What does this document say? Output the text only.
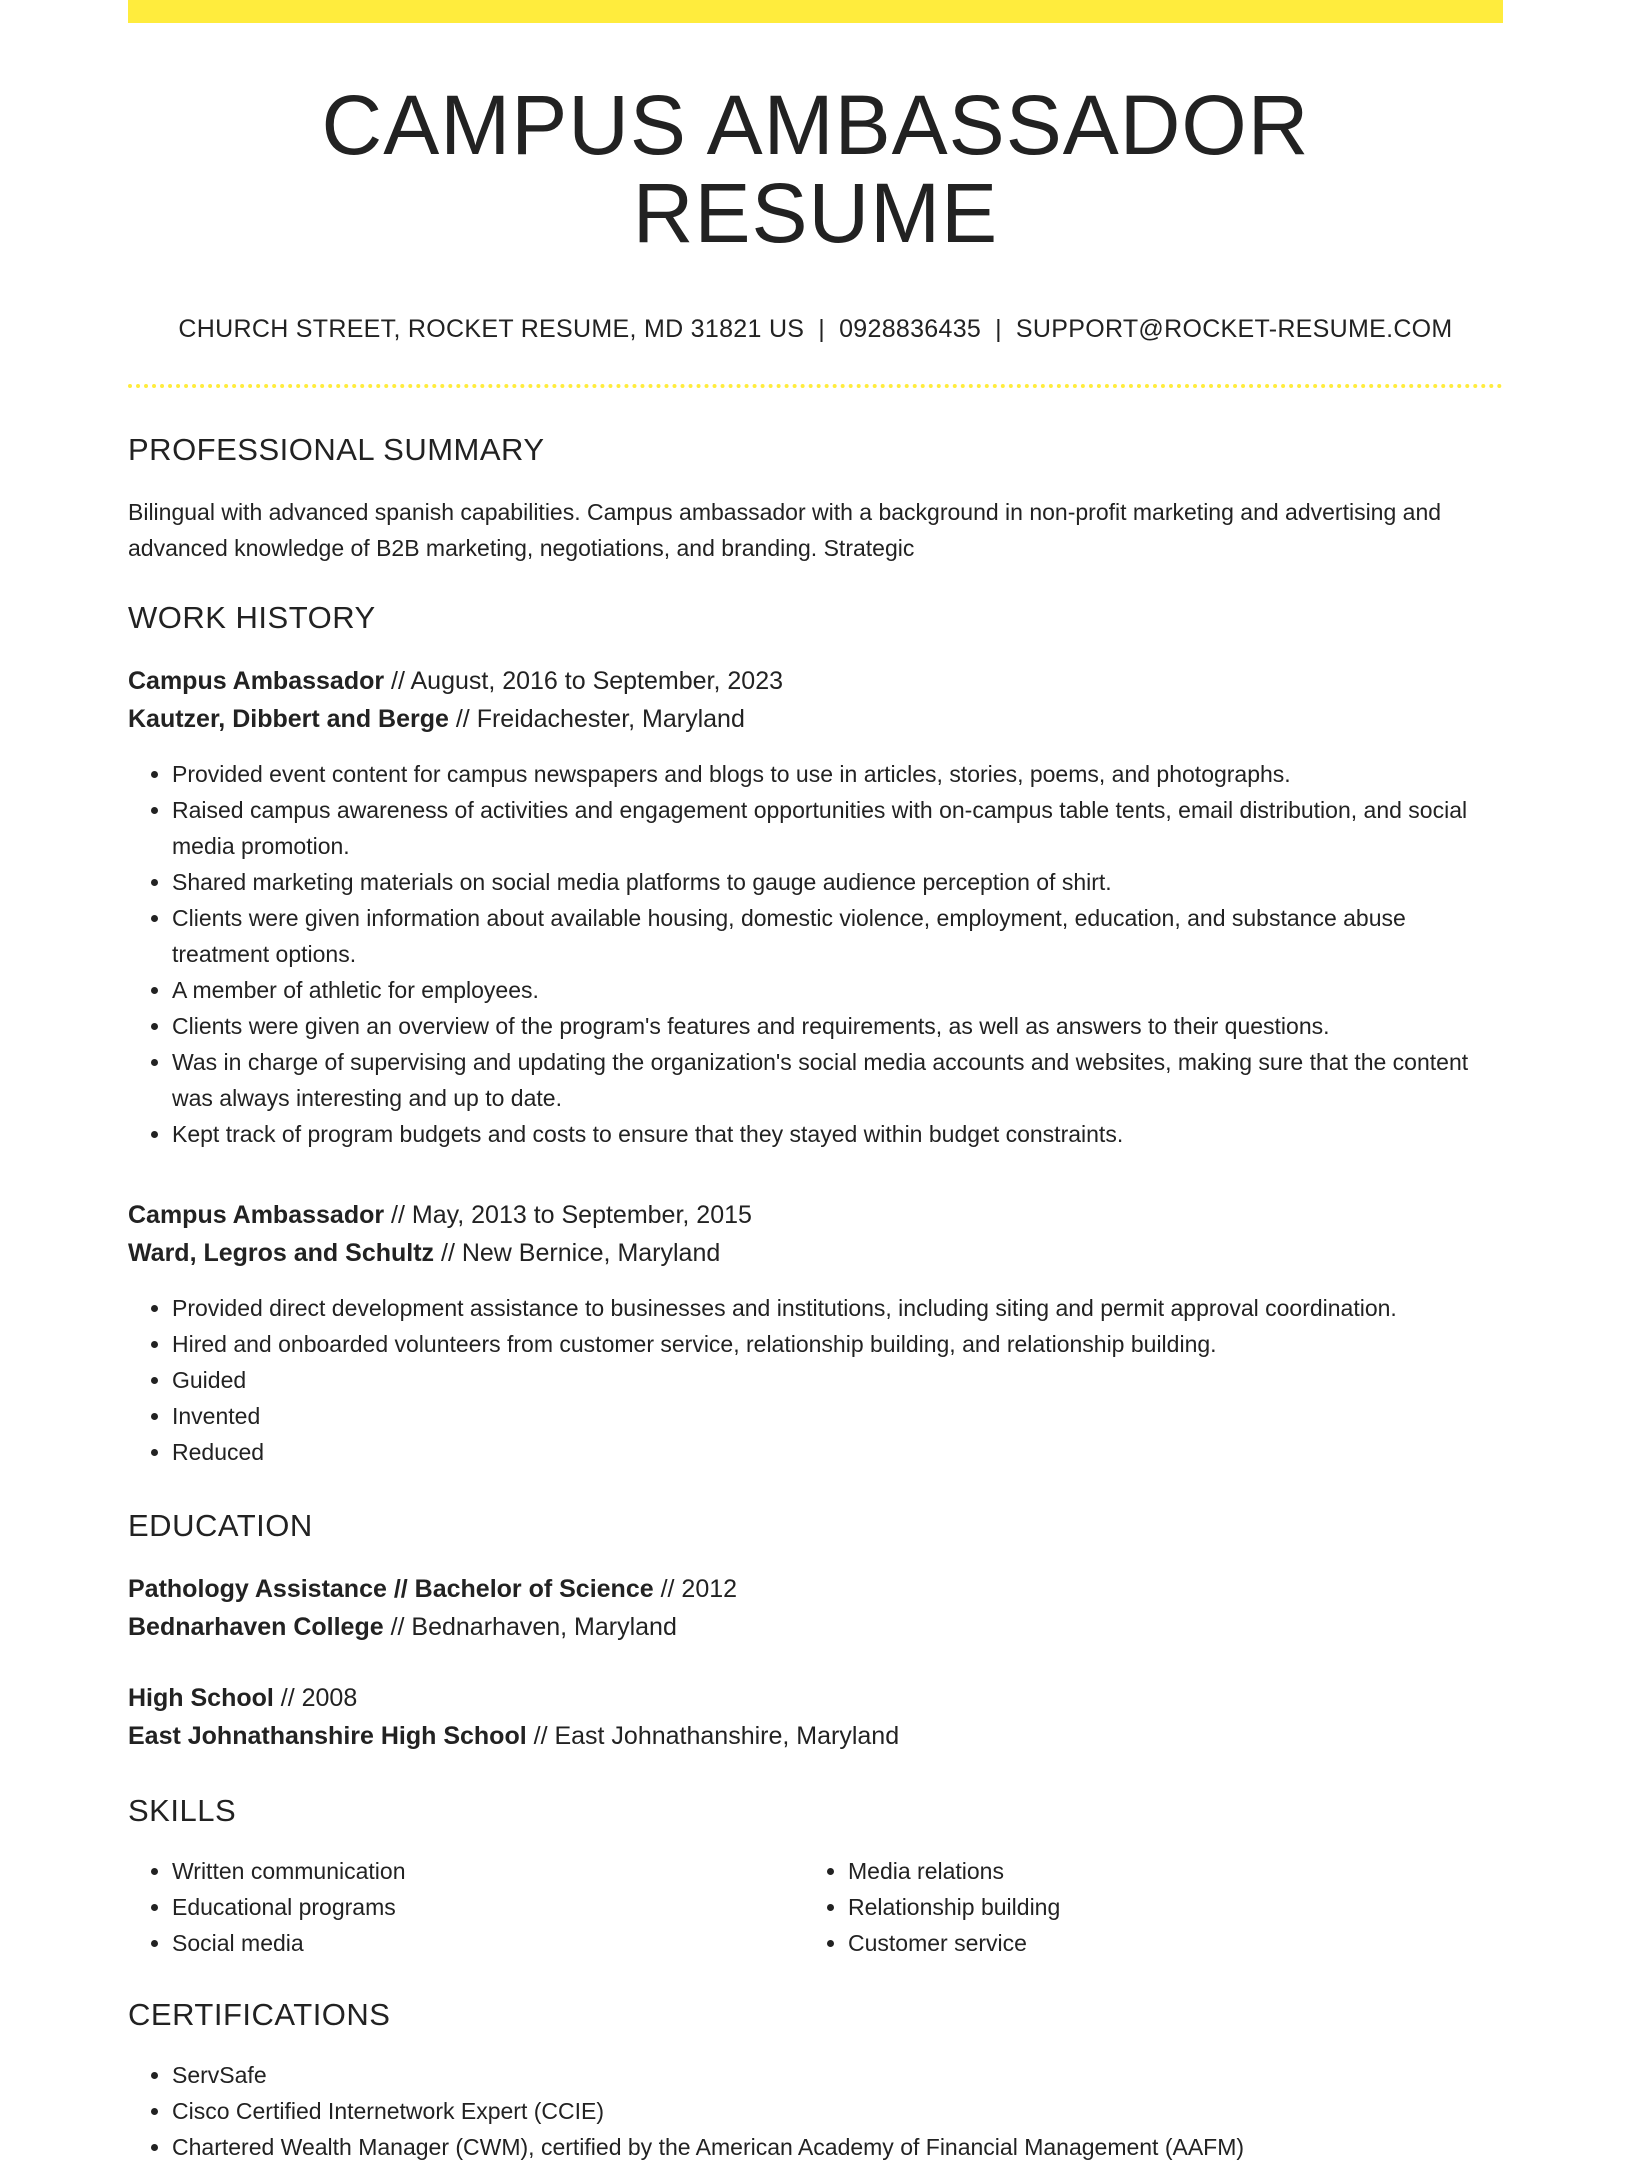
CAMPUS AMBASSADOR RESUME
CHURCH STREET, ROCKET RESUME, MD 31821 US | 0928836435 | SUPPORT@ROCKET-RESUME.COM
PROFESSIONAL SUMMARY
Bilingual with advanced spanish capabilities. Campus ambassador with a background in non-profit marketing and advertising and advanced knowledge of B2B marketing, negotiations, and branding. Strategic
WORK HISTORY
Campus Ambassador // August, 2016 to September, 2023
Kautzer, Dibbert and Berge // Freidachester, Maryland
• Provided event content for campus newspapers and blogs to use in articles, stories, poems, and photographs.
• Raised campus awareness of activities and engagement opportunities with on-campus table tents, email distribution, and social media promotion.
• Shared marketing materials on social media platforms to gauge audience perception of shirt.
• Clients were given information about available housing, domestic violence, employment, education, and substance abuse treatment options.
• A member of athletic for employees.
• Clients were given an overview of the program's features and requirements, as well as answers to their questions.
• Was in charge of supervising and updating the organization's social media accounts and websites, making sure that the content was always interesting and up to date.
• Kept track of program budgets and costs to ensure that they stayed within budget constraints.
Campus Ambassador // May, 2013 to September, 2015
Ward, Legros and Schultz // New Bernice, Maryland
• Provided direct development assistance to businesses and institutions, including siting and permit approval coordination.
• Hired and onboarded volunteers from customer service, relationship building, and relationship building.
• Guided
• Invented
• Reduced
EDUCATION
Pathology Assistance // Bachelor of Science // 2012
Bednarhaven College // Bednarhaven, Maryland
High School // 2008
East Johnathanshire High School // East Johnathanshire, Maryland
SKILLS
• Written communication
• Educational programs
• Social media
• Media relations
• Relationship building
• Customer service
CERTIFICATIONS
• ServSafe
• Cisco Certified Internetwork Expert (CCIE)
• Chartered Wealth Manager (CWM), certified by the American Academy of Financial Management (AAFM)
